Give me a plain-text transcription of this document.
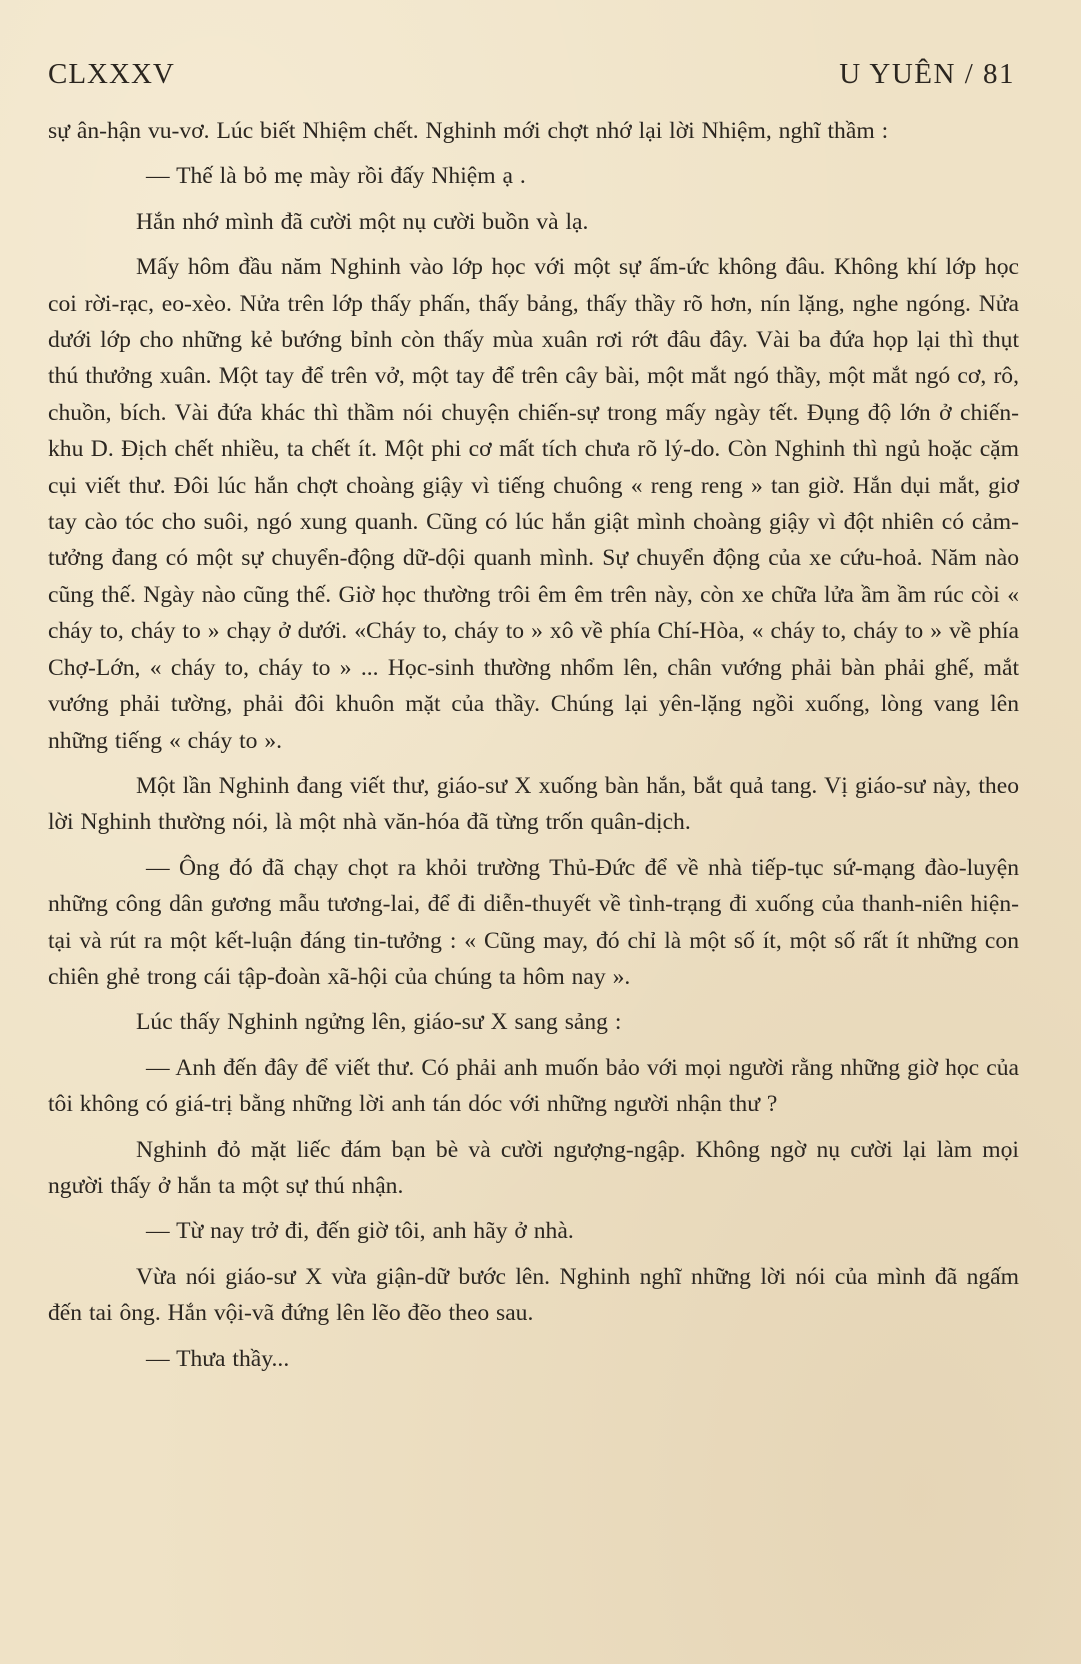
CLXXXV	U YUÊN / 81

sự ân-hận vu-vơ. Lúc biết Nhiệm chết. Nghinh mới chợt nhớ lại lời Nhiệm, nghĩ thầm :

— Thế là bỏ mẹ mày rồi đấy Nhiệm ạ .

Hắn nhớ mình đã cười một nụ cười buồn và lạ.

Mấy hôm đầu năm Nghinh vào lớp học với một sự ấm-ức không đâu. Không khí lớp học coi rời-rạc, eo-xèo. Nửa trên lớp thấy phấn, thấy bảng, thấy thầy rõ hơn, nín lặng, nghe ngóng. Nửa dưới lớp cho những kẻ bướng bỉnh còn thấy mùa xuân rơi rớt đâu đây. Vài ba đứa họp lại thì thụt thú thưởng xuân. Một tay để trên vở, một tay để trên cây bài, một mắt ngó thầy, một mắt ngó cơ, rô, chuồn, bích. Vài đứa khác thì thầm nói chuyện chiến-sự trong mấy ngày tết. Đụng độ lớn ở chiến-khu D. Địch chết nhiều, ta chết ít. Một phi cơ mất tích chưa rõ lý-do. Còn Nghinh thì ngủ hoặc cặm cụi viết thư. Đôi lúc hắn chợt choàng giậy vì tiếng chuông « reng reng » tan giờ. Hắn dụi mắt, giơ tay cào tóc cho suôi, ngó xung quanh. Cũng có lúc hắn giật mình choàng giậy vì đột nhiên có cảm-tưởng đang có một sự chuyển-động dữ-dội quanh mình. Sự chuyển động của xe cứu-hoả. Năm nào cũng thế. Ngày nào cũng thế. Giờ học thường trôi êm êm trên này, còn xe chữa lửa ầm ầm rúc còi « cháy to, cháy to » chạy ở dưới. «Cháy to, cháy to » xô về phía Chí-Hòa, « cháy to, cháy to » về phía Chợ-Lớn, « cháy to, cháy to » ... Học-sinh thường nhổm lên, chân vướng phải bàn phải ghế, mắt vướng phải tường, phải đôi khuôn mặt của thầy. Chúng lại yên-lặng ngồi xuống, lòng vang lên những tiếng « cháy to ».

Một lần Nghinh đang viết thư, giáo-sư X xuống bàn hắn, bắt quả tang. Vị giáo-sư này, theo lời Nghinh thường nói, là một nhà văn-hóa đã từng trốn quân-dịch.

— Ông đó đã chạy chọt ra khỏi trường Thủ-Đức để về nhà tiếp-tục sứ-mạng đào-luyện những công dân gương mẫu tương-lai, để đi diễn-thuyết về tình-trạng đi xuống của thanh-niên hiện-tại và rút ra một kết-luận đáng tin-tưởng : « Cũng may, đó chỉ là một số ít, một số rất ít những con chiên ghẻ trong cái tập-đoàn xã-hội của chúng ta hôm nay ».

Lúc thấy Nghinh ngửng lên, giáo-sư X sang sảng :

— Anh đến đây để viết thư. Có phải anh muốn bảo với mọi người rằng những giờ học của tôi không có giá-trị bằng những lời anh tán dóc với những người nhận thư ?

Nghinh đỏ mặt liếc đám bạn bè và cười ngượng-ngập. Không ngờ nụ cười lại làm mọi người thấy ở hắn ta một sự thú nhận.

— Từ nay trở đi, đến giờ tôi, anh hãy ở nhà.

Vừa nói giáo-sư X vừa giận-dữ bước lên. Nghinh nghĩ những lời nói của mình đã ngấm đến tai ông. Hắn vội-vã đứng lên lẽo đẽo theo sau.

— Thưa thầy...
